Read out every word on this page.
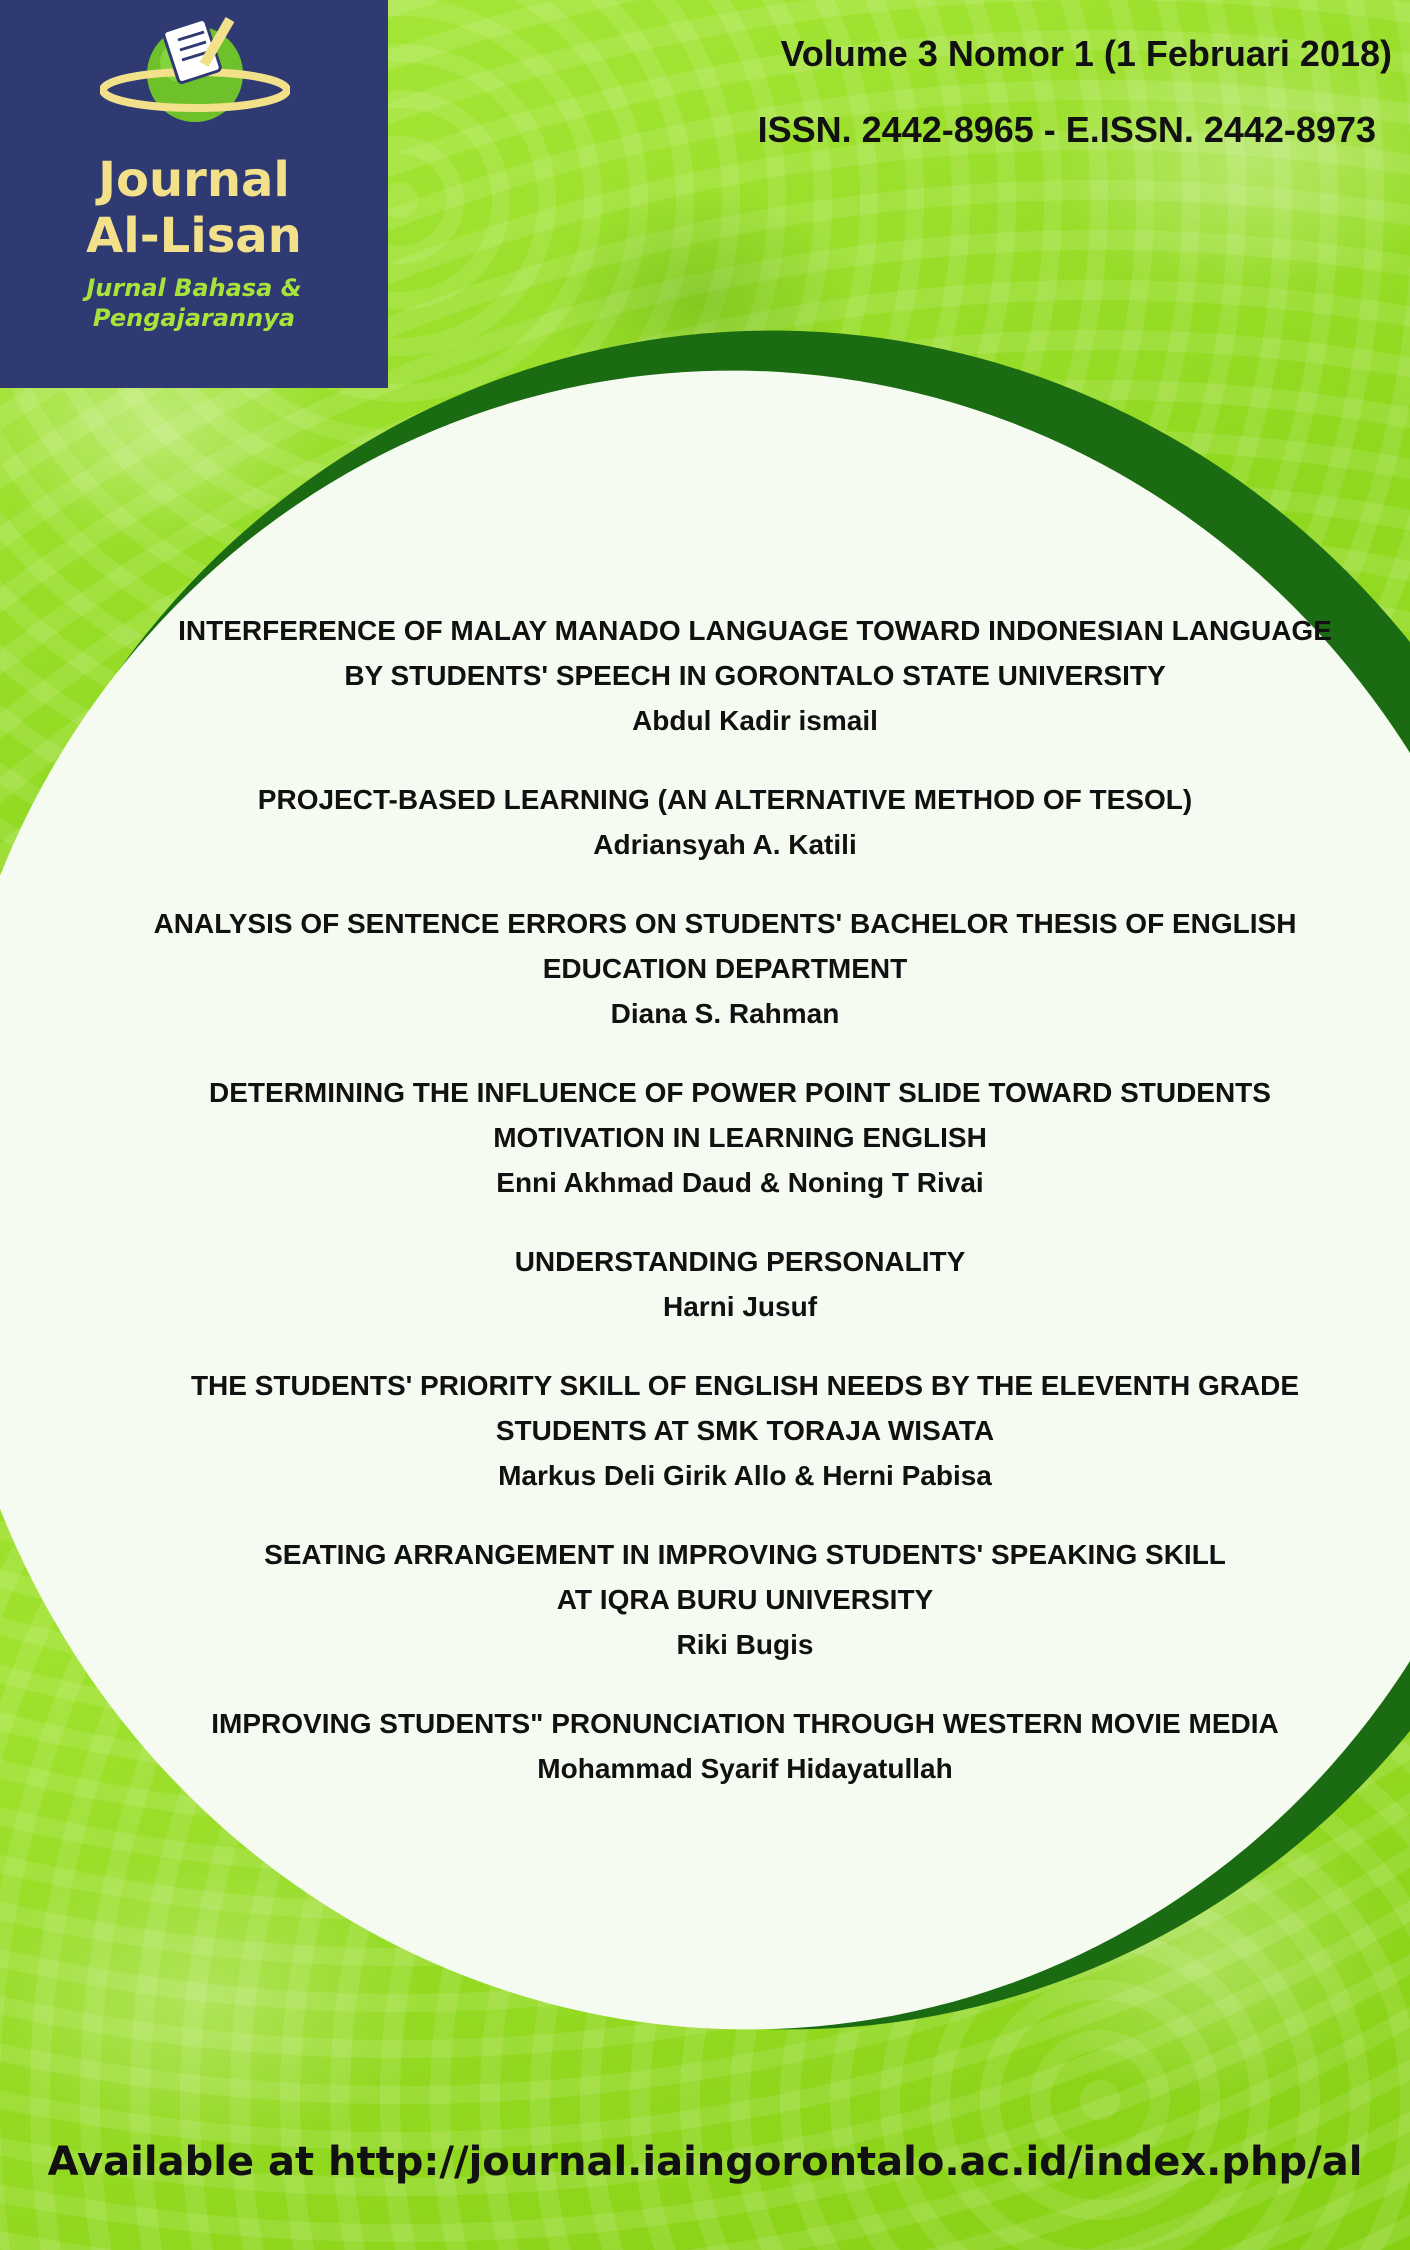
Journal
Al-Lisan
Jurnal Bahasa &
Pengajarannya
Volume 3 Nomor 1 (1 Februari 2018)
ISSN. 2442-8965 - E.ISSN. 2442-8973
INTERFERENCE OF MALAY MANADO LANGUAGE TOWARD INDONESIAN LANGUAGE
BY STUDENTS' SPEECH IN GORONTALO STATE UNIVERSITY
Abdul Kadir ismail
PROJECT-BASED LEARNING (AN ALTERNATIVE METHOD OF TESOL)
Adriansyah A. Katili
ANALYSIS OF SENTENCE ERRORS ON STUDENTS' BACHELOR THESIS OF ENGLISH
EDUCATION DEPARTMENT
Diana S. Rahman
DETERMINING THE INFLUENCE OF POWER POINT SLIDE TOWARD STUDENTS
MOTIVATION IN LEARNING ENGLISH
Enni Akhmad Daud & Noning T Rivai
UNDERSTANDING PERSONALITY
Harni Jusuf
THE STUDENTS' PRIORITY SKILL OF ENGLISH NEEDS BY THE ELEVENTH GRADE
STUDENTS AT SMK TORAJA WISATA
Markus Deli Girik Allo & Herni Pabisa
SEATING ARRANGEMENT IN IMPROVING STUDENTS' SPEAKING SKILL
AT IQRA BURU UNIVERSITY
Riki Bugis
IMPROVING STUDENTS" PRONUNCIATION THROUGH WESTERN MOVIE MEDIA
Mohammad Syarif Hidayatullah
Available at http://journal.iaingorontalo.ac.id/index.php/al
